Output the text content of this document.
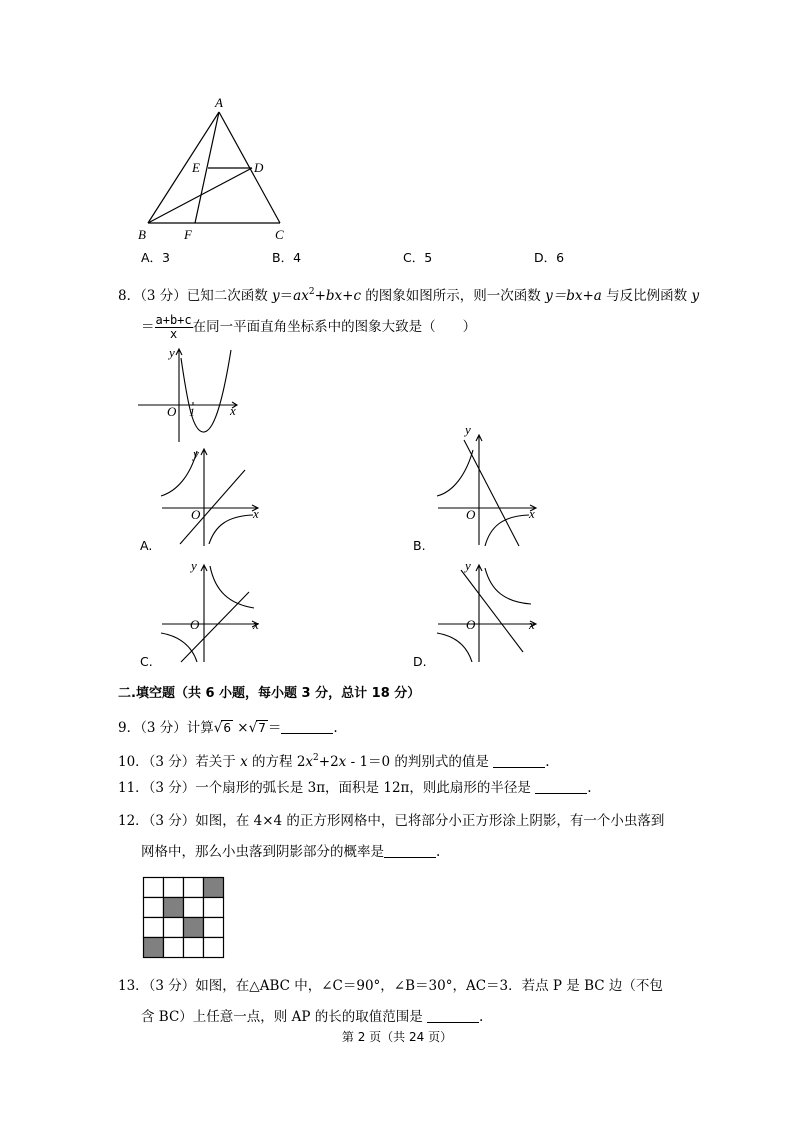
A
E	D
B	F	C
A．3	B．4	C．5	D．6
8．（3 分）已知二次函数 $y=ax^2+bx+c$ 的图象如图所示，则一次函数 y＝bx+a 与反比例函数 y
＝ $\frac{a+b+c}{x}$ 在同一平面直角坐标系中的图象大致是（　　）
y
x
O 1
y
x
O
A.
y
x
O
B.
y
x
O
C.
y
x
O
D.
二.填空题（共 6 小题，每小题 3 分，总计 18 分）
9．（3 分）计算√6 ×√7 ＝	.
10．（3 分）若关于 x 的方程 $2x^2+2x$ ‐ 1＝0 的判别式的值是	.
11．（3 分）一个扇形的弧长是 3π，面积是 12π，则此扇形的半径是	.
12．（3 分）如图，在 4×4 的正方形网格中，已将部分小正方形涂上阴影，有一个小虫落到
网格中，那么小虫落到阴影部分的概率是	.
13．（3 分）如图，在△ABC 中，∠C＝90°，∠B＝30°，AC＝3．若点 P 是 BC 边（不包
含 BC）上任意一点，则 AP 的长的取值范围是	.
第 2 页（共 24 页）
